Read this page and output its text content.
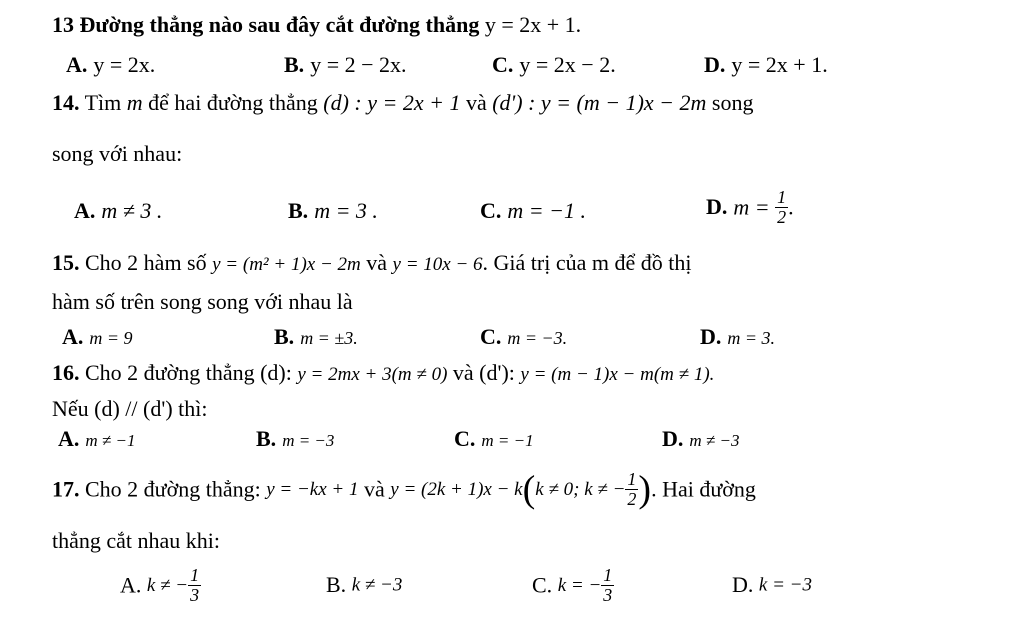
13 Đường thẳng nào sau đây cắt đường thẳng y = 2x + 1.
A. y = 2x.	B. y = 2 − 2x.	C. y = 2x − 2.	D. y = 2x + 1.
14. Tìm m để hai đường thẳng (d) : y = 2x + 1 và (d') : y = (m − 1)x − 2m song
song với nhau:
A. m ≠ 3 .	B. m = 3 .	C. m = −1 .	D. $m = \frac{1}{2}$ .
15. Cho 2 hàm số y = (m² + 1)x − 2m và y = 10x − 6. Giá trị của m để đồ thị
hàm số trên song song với nhau là
A. m = 9	B. m = ±3.	C. m = −3.	D. m = 3.
16. Cho 2 đường thẳng (d): y = 2mx + 3(m ≠ 0) và (d'): y = (m − 1)x − m(m ≠ 1).
Nếu (d) // (d') thì:
A. m ≠ −1	B. m = −3	C. m = −1	D. m ≠ −3
17. Cho 2 đường thẳng: y = −kx + 1 và y = (2k + 1)x − k(k ≠ 0; k ≠ − $\frac{1}{2}$ ). Hai đường
thẳng cắt nhau khi:
A. k ≠ − $\frac{1}{3}$	B. k ≠ −3	C. k = − $\frac{1}{3}$	D. k = −3
